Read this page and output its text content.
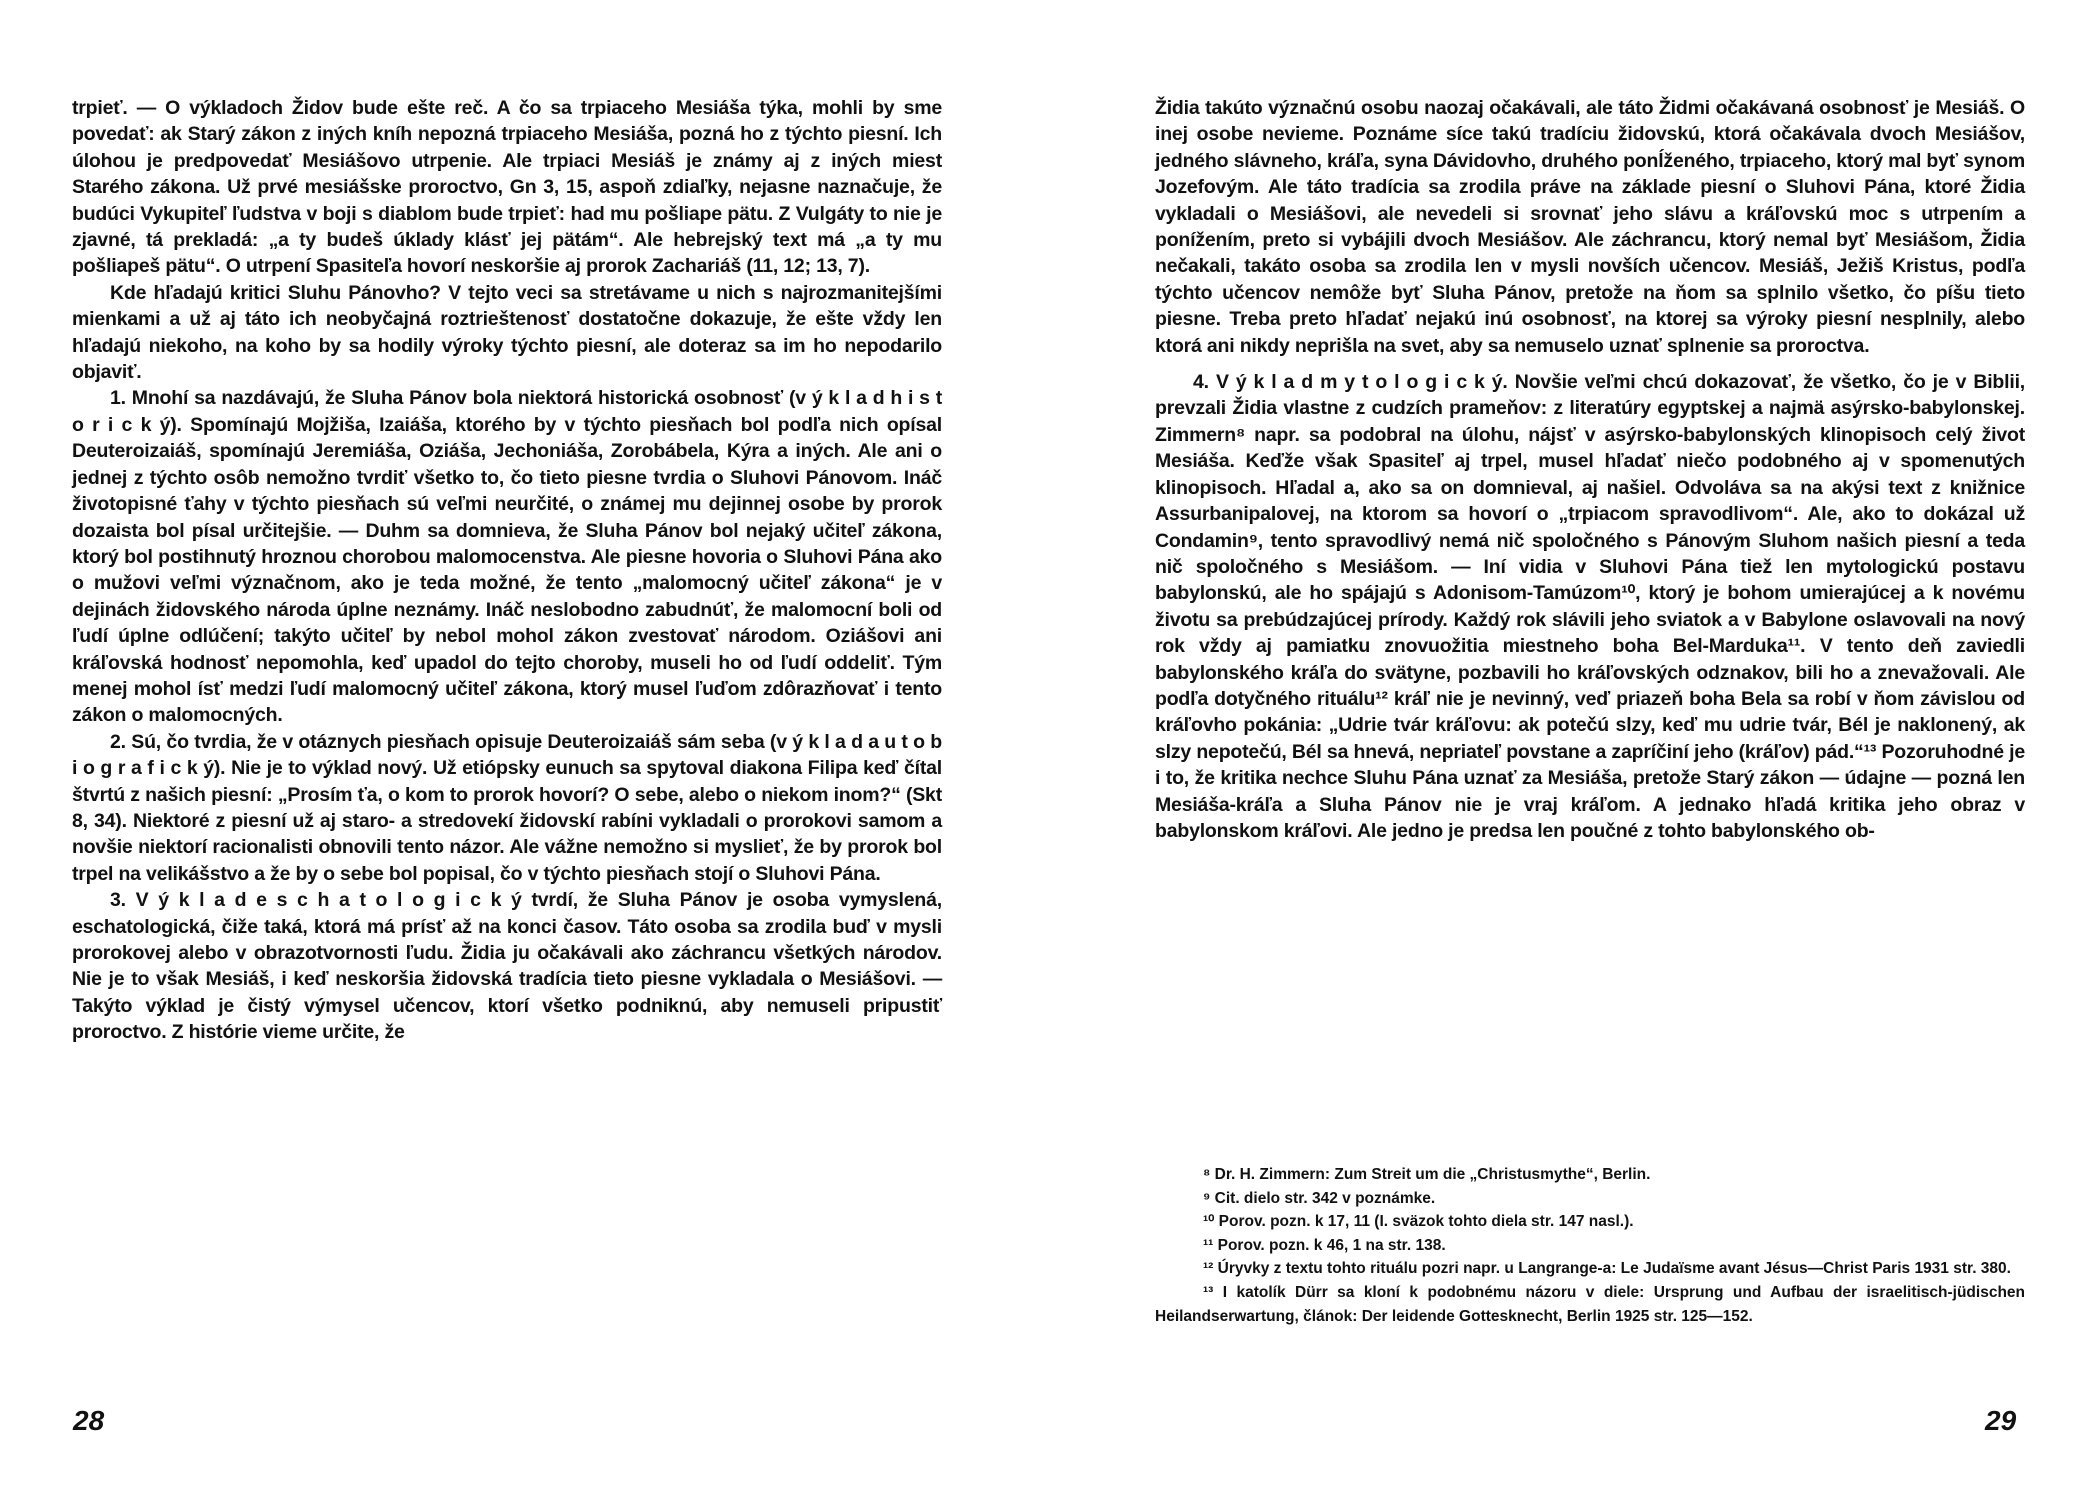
trpieť. — O výkladoch Židov bude ešte reč. A čo sa trpiaceho Mesiáša týka, mohli by sme povedať: ak Starý zákon z iných kníh nepozná trpiaceho Mesiáša, pozná ho z týchto piesní. Ich úlohou je predpovedať Mesiášovo utrpenie. Ale trpiaci Mesiáš je známy aj z iných miest Starého zákona. Už prvé mesiášske proroctvo, Gn 3, 15, aspoň zdiaľky, nejasne naznačuje, že budúci Vykupiteľ ľudstva v boji s diablom bude trpieť: had mu pošliape pätu. Z Vulgáty to nie je zjavné, tá prekladá: „a ty budeš úklady klásť jej pätám“. Ale hebrejský text má „a ty mu pošliapeš pätu“. O utrpení Spasiteľa hovorí neskoršie aj prorok Zachariáš (11, 12; 13, 7).

Kde hľadajú kritici Sluhu Pánovho? V tejto veci sa stretávame u nich s najrozmanitejšími mienkami a už aj táto ich neobyčajná roztrieštenosť dostatočne dokazuje, že ešte vždy len hľadajú niekoho, na koho by sa hodily výroky týchto piesní, ale doteraz sa im ho nepodarilo objaviť.

1. Mnohí sa nazdávajú, že Sluha Pánov bola niektorá historická osobnosť (v ý k l a d h i s t o r i c k ý). Spomínajú Mojžiša, Izaiáša, ktorého by v týchto piesňach bol podľa nich opísal Deuteroizaiáš, spomínajú Jeremiáša, Oziáša, Jechoniáša, Zorobábela, Kýra a iných. Ale ani o jednej z týchto osôb nemožno tvrdiť všetko to, čo tieto piesne tvrdia o Sluhovi Pánovom. Ináč životopisné ťahy v týchto piesňach sú veľmi neurčité, o známej mu dejinnej osobe by prorok dozaista bol písal určitejšie. — Duhm sa domnieva, že Sluha Pánov bol nejaký učiteľ zákona, ktorý bol postihnutý hroznou chorobou malomocenstva. Ale piesne hovoria o Sluhovi Pána ako o mužovi veľmi význačnom, ako je teda možné, že tento „malomocný učiteľ zákona“ je v dejinách židovského národa úplne neznámy. Ináč neslobodno zabudnúť, že malomocní boli od ľudí úplne odlúčení; takýto učiteľ by nebol mohol zákon zvestovať národom. Oziášovi ani kráľovská hodnosť nepomohla, keď upadol do tejto choroby, museli ho od ľudí oddeliť. Tým menej mohol ísť medzi ľudí malomocný učiteľ zákona, ktorý musel ľuďom zdôrazňovať i tento zákon o malomocných.

2. Sú, čo tvrdia, že v otáznych piesňach opisuje Deuteroizaiáš sám seba (v ý k l a d a u t o b i o g r a f i c k ý). Nie je to výklad nový. Už etiópsky eunuch sa spytoval diakona Filipa keď čítal štvrtú z našich piesní: „Prosím ťa, o kom to prorok hovorí? O sebe, alebo o niekom inom?“ (Skt 8, 34). Niektoré z piesní už aj staro- a stredovekí židovskí rabíni vykladali o prorokovi samom a novšie niektorí racionalisti obnovili tento názor. Ale vážne nemožno si myslieť, že by prorok bol trpel na velikášstvo a že by o sebe bol popisal, čo v týchto piesňach stojí o Sluhovi Pána.

3. V ý k l a d e s c h a t o l o g i c k ý tvrdí, že Sluha Pánov je osoba vymyslená, eschatologická, čiže taká, ktorá má prísť až na konci časov. Táto osoba sa zrodila buď v mysli prorokovej alebo v obrazotvornosti ľudu. Židia ju očakávali ako záchrancu všetkých národov. Nie je to však Mesiáš, i keď neskoršia židovská tradícia tieto piesne vykladala o Mesiášovi. — Takýto výklad je čistý výmysel učencov, ktorí všetko podniknú, aby nemuseli pripustiť proroctvo. Z histórie vieme určite, že

Židia takúto význačnú osobu naozaj očakávali, ale táto Židmi očakávaná osobnosť je Mesiáš. O inej osobe nevieme. Poznáme síce takú tradíciu židovskú, ktorá očakávala dvoch Mesiášov, jedného slávneho, kráľa, syna Dávidovho, druhého ponĺženého, trpiaceho, ktorý mal byť synom Jozefovým. Ale táto tradícia sa zrodila práve na základe piesní o Sluhovi Pána, ktoré Židia vykladali o Mesiášovi, ale nevedeli si srovnať jeho slávu a kráľovskú moc s utrpením a ponížením, preto si vybájili dvoch Mesiášov. Ale záchrancu, ktorý nemal byť Mesiášom, Židia nečakali, takáto osoba sa zrodila len v mysli novších učencov. Mesiáš, Ježiš Kristus, podľa týchto učencov nemôže byť Sluha Pánov, pretože na ňom sa splnilo všetko, čo píšu tieto piesne. Treba preto hľadať nejakú inú osobnosť, na ktorej sa výroky piesní nesplnily, alebo ktorá ani nikdy neprišla na svet, aby sa nemuselo uznať splnenie sa proroctva.

4. V ý k l a d m y t o l o g i c k ý. Novšie veľmi chcú dokazovať, že všetko, čo je v Biblii, prevzali Židia vlastne z cudzích prameňov: z literatúry egyptskej a najmä asýrsko-babylonskej. Zimmern⁸ napr. sa podobral na úlohu, nájsť v asýrsko-babylonských klinopisoch celý život Mesiáša. Keďže však Spasiteľ aj trpel, musel hľadať niečo podobného aj v spomenutých klinopisoch. Hľadal a, ako sa on domnieval, aj našiel. Odvoláva sa na akýsi text z knižnice Assurbanipalovej, na ktorom sa hovorí o „trpiacom spravodlivom“. Ale, ako to dokázal už Condamin⁹, tento spravodlivý nemá nič spoločného s Pánovým Sluhom našich piesní a teda nič spoločného s Mesiášom. — Iní vidia v Sluhovi Pána tiež len mytologickú postavu babylonskú, ale ho spájajú s Adonisom-Tamúzom¹⁰, ktorý je bohom umierajúcej a k novému životu sa prebúdzajúcej prírody. Každý rok slávili jeho sviatok a v Babylone oslavovali na nový rok vždy aj pamiatku znovuožitia miestneho boha Bel-Marduka¹¹. V tento deň zaviedli babylonského kráľa do svätyne, pozbavili ho kráľovských odznakov, bili ho a znevažovali. Ale podľa dotyčného rituálu¹² kráľ nie je nevinný, veď priazeň boha Bela sa robí v ňom závislou od kráľovho pokánia: „Udrie tvár kráľovu: ak potečú slzy, keď mu udrie tvár, Bél je naklonený, ak slzy nepotečú, Bél sa hnevá, nepriateľ povstane a zapríčiní jeho (kráľov) pád.“¹³ Pozoruhodné je i to, že kritika nechce Sluhu Pána uznať za Mesiáša, pretože Starý zákon — údajne — pozná len Mesiáša-kráľa a Sluha Pánov nie je vraj kráľom. A jednako hľadá kritika jeho obraz v babylonskom kráľovi. Ale jedno je predsa len poučné z tohto babylonského ob-

⁸ Dr. H. Zimmern: Zum Streit um die „Christusmythe“, Berlin.

⁹ Cit. dielo str. 342 v poznámke.

¹⁰ Porov. pozn. k 17, 11 (I. sväzok tohto diela str. 147 nasl.).

¹¹ Porov. pozn. k 46, 1 na str. 138.

¹² Úryvky z textu tohto rituálu pozri napr. u Langrange-a: Le Judaïsme avant Jésus—Christ Paris 1931 str. 380.

¹³ I katolík Dürr sa kloní k podobnému názoru v diele: Ursprung und Aufbau der israelitisch-jüdischen Heilandserwartung, článok: Der leidende Gottesknecht, Berlin 1925 str. 125—152.

28	29
